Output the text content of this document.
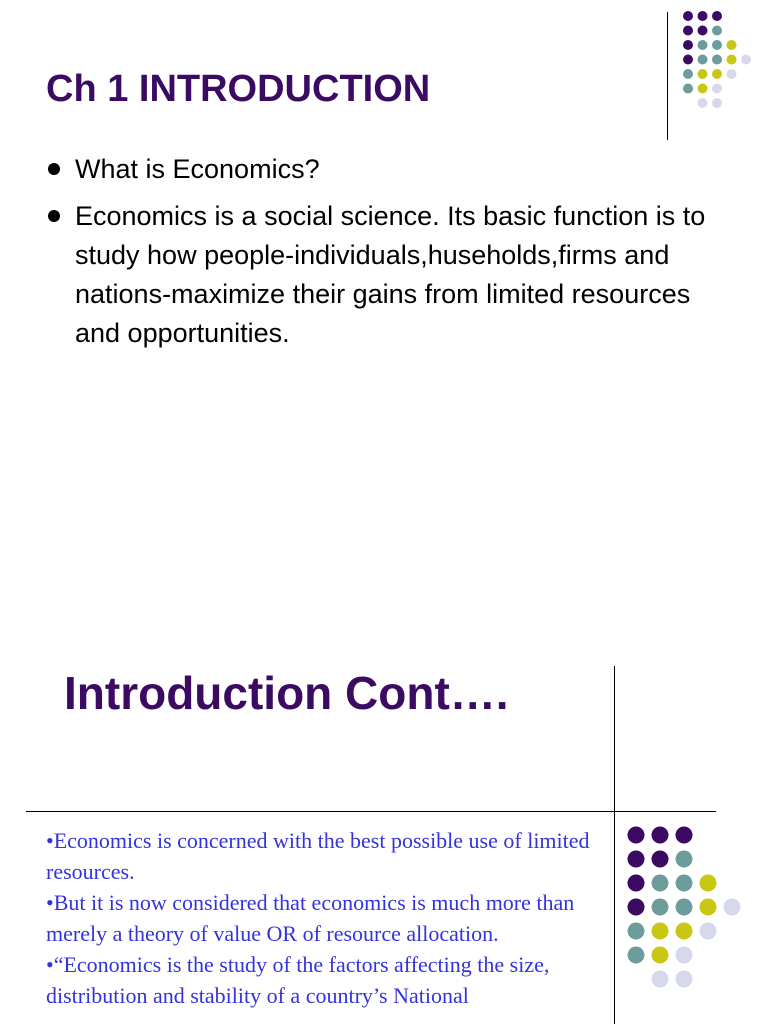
Ch 1 INTRODUCTION
What is Economics?
Economics is a social science. Its basic function is to study how people-individuals,husehold‍s,firms and nations-maximize their gains from limited resources and opportunities.
Introduction Cont….

•Economics is concerned with the best possible use of limited resources.

•But it is now considered that economics is much more than merely a theory of value OR of resource allocation.

•“Economics is the study of the factors affecting the size, distribution and stability of a country’s National
